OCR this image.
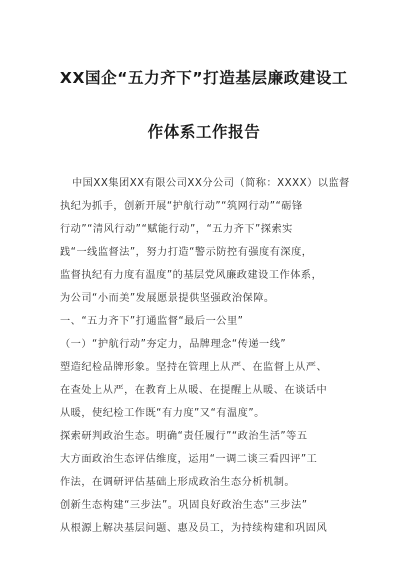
XX国企“五力齐下”打造基层廉政建设工
作体系工作报告
中国XX集团XX有限公司XX分公司（简称：XXXX）以监督
执纪为抓手，创新开展“护航行动”“筑网行动”“砺锋
行动”“清风行动”“赋能行动”，“五力齐下”探索实
践“一线监督法”，努力打造“警示防控有强度有深度，
监督执纪有力度有温度”的基层党风廉政建设工作体系，
为公司“小而美”发展愿景提供坚强政治保障。
一、“五力齐下”打通监督“最后一公里”
（一）“护航行动”夯定力，品牌理念“传递一线”
塑造纪检品牌形象。坚持在管理上从严、在监督上从严、
在查处上从严，在教育上从暖、在提醒上从暖、在谈话中
从暖，使纪检工作既“有力度”又“有温度”。
探索研判政治生态。明确“责任履行”“政治生活”等五
大方面政治生态评估维度，运用“一调二谈三看四评”工
作法，在调研评估基础上形成政治生态分析机制。
创新生态构建“三步法”。巩固良好政治生态“三步法”
从根源上解决基层问题、惠及员工，为持续构建和巩固风
